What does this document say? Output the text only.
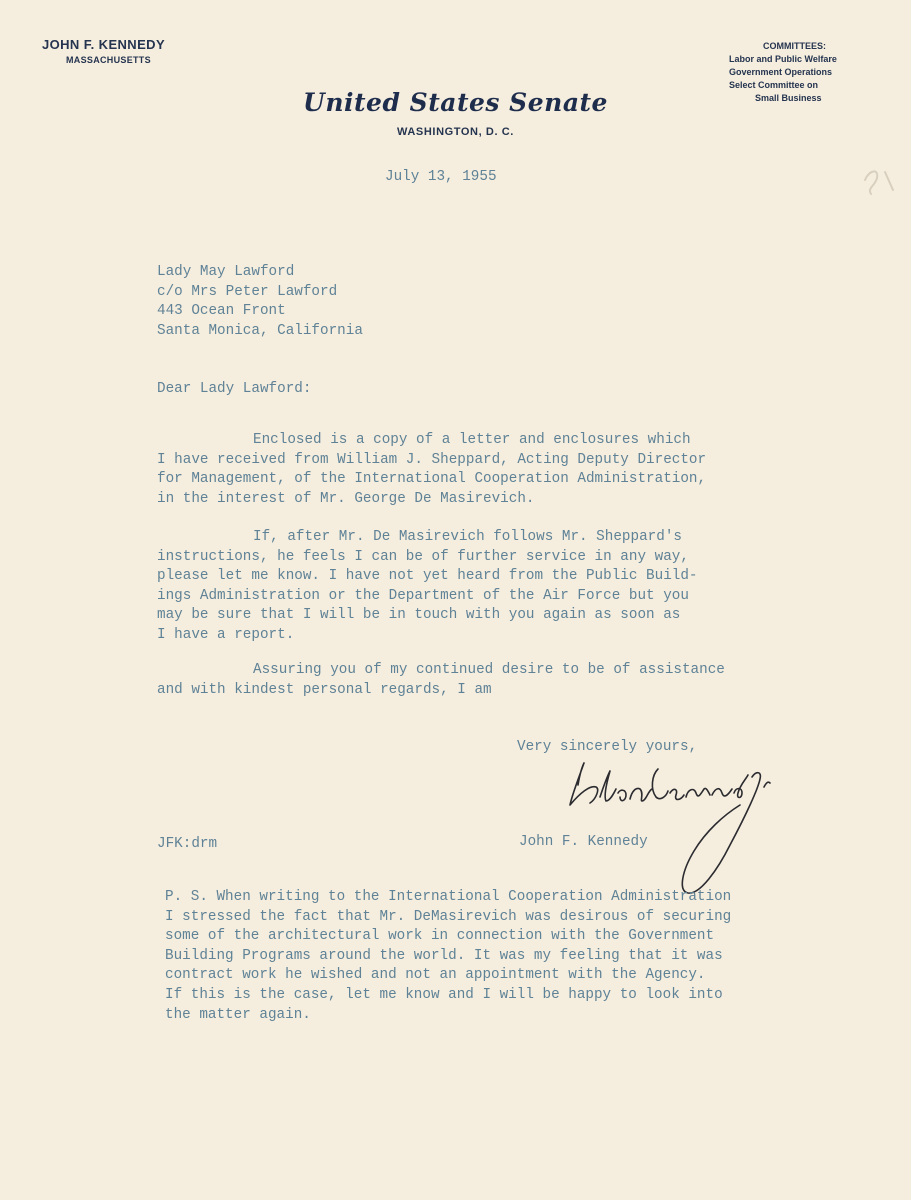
JOHN F. KENNEDY
MASSACHUSETTS
COMMITTEES:
Labor and Public Welfare
Government Operations
Select Committee on
Small Business
United States Senate
WASHINGTON, D. C.
July 13, 1955
Lady May Lawford
c/o Mrs Peter Lawford
443 Ocean Front
Santa Monica, California
Dear Lady Lawford:
Enclosed is a copy of a letter and enclosures which
I have received from William J. Sheppard, Acting Deputy Director
for Management, of the International Cooperation Administration,
in the interest of Mr. George De Masirevich.
If, after Mr. De Masirevich follows Mr. Sheppard's
instructions, he feels I can be of further service in any way,
please let me know. I have not yet heard from the Public Build-
ings Administration or the Department of the Air Force but you
may be sure that I will be in touch with you again as soon as
I have a report.
Assuring you of my continued desire to be of assistance
and with kindest personal regards, I am
Very sincerely yours,
John F. Kennedy
JFK:drm
P. S. When writing to the International Cooperation Administration
I stressed the fact that Mr. DeMasirevich was desirous of securing
some of the architectural work in connection with the Government
Building Programs around the world. It was my feeling that it was
contract work he wished and not an appointment with the Agency.
If this is the case, let me know and I will be happy to look into
the matter again.
